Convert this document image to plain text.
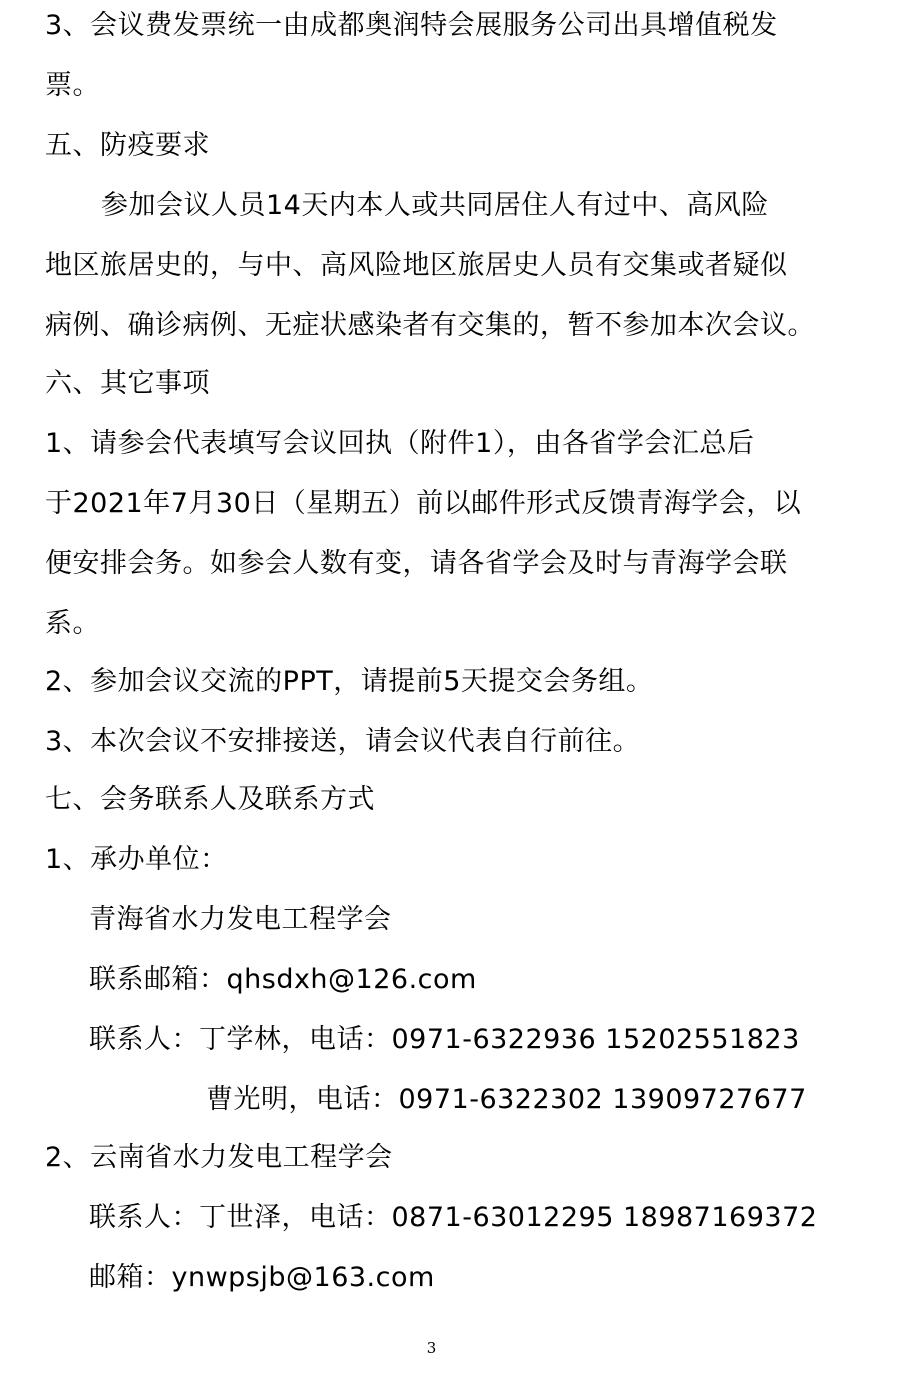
3、会议费发票统一由成都奥润特会展服务公司出具增值税发
票。
五、防疫要求
参加会议人员14天内本人或共同居住人有过中、高风险
地区旅居史的，与中、高风险地区旅居史人员有交集或者疑似
病例、确诊病例、无症状感染者有交集的，暂不参加本次会议。
六、其它事项
1、请参会代表填写会议回执（附件1），由各省学会汇总后
于2021年7月30日（星期五）前以邮件形式反馈青海学会，以
便安排会务。如参会人数有变，请各省学会及时与青海学会联
系。
2、参加会议交流的PPT，请提前5天提交会务组。
3、本次会议不安排接送，请会议代表自行前往。
七、会务联系人及联系方式
1、承办单位：
青海省水力发电工程学会
联系邮箱：qhsdxh@126.com
联系人：丁学林，电话：0971-6322936 15202551823
曹光明，电话：0971-6322302 13909727677
2、云南省水力发电工程学会
联系人：丁世泽，电话：0871-63012295 18987169372
邮箱：ynwpsjb@163.com
3
